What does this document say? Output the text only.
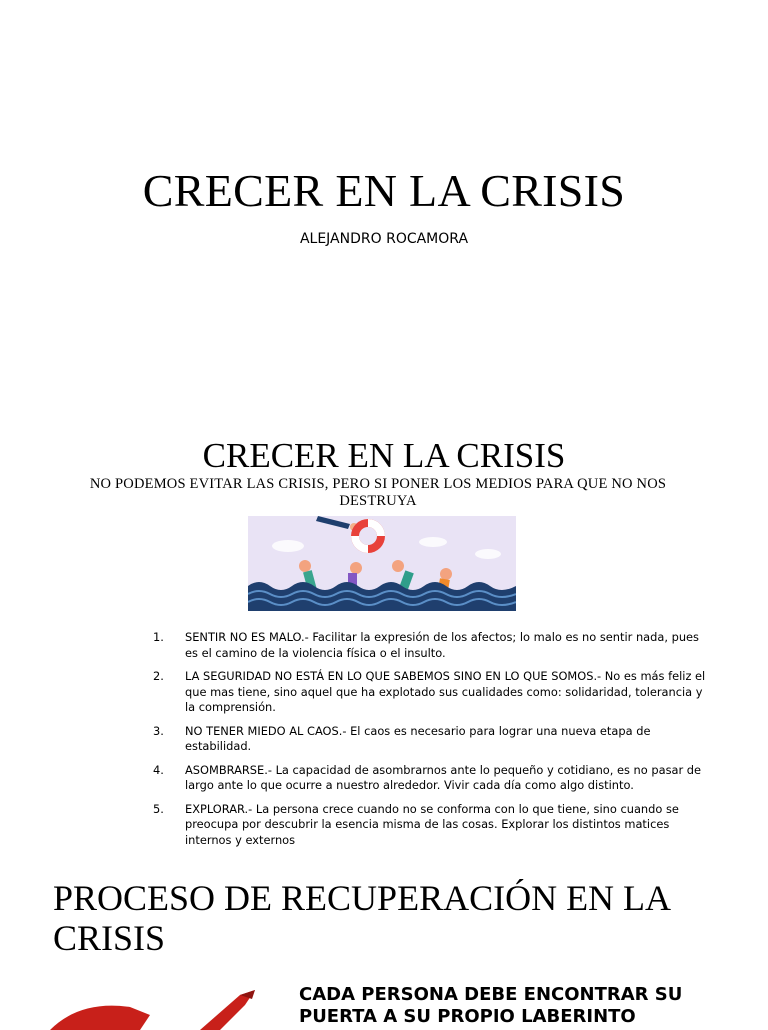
CRECER EN LA CRISIS
ALEJANDRO ROCAMORA
CRECER EN LA CRISIS
NO PODEMOS EVITAR LAS CRISIS, PERO SI PONER LOS MEDIOS PARA QUE NO NOS DESTRUYA
1. SENTIR NO ES MALO.- Facilitar la expresión de los afectos; lo malo es no sentir nada, pues es el camino de la violencia física o el insulto.
2. LA SEGURIDAD NO ESTÁ EN LO QUE SABEMOS SINO EN LO QUE SOMOS.- No es más feliz el que mas tiene, sino aquel que ha explotado sus cualidades como: solidaridad, tolerancia y la comprensión.
3. NO TENER MIEDO AL CAOS.- El caos es necesario para lograr una nueva etapa de estabilidad.
4. ASOMBRARSE.- La capacidad de asombrarnos ante lo pequeño y cotidiano, es no pasar de largo ante lo que ocurre a nuestro alrededor. Vivir cada día como algo distinto.
5. EXPLORAR.- La persona crece cuando no se conforma con lo que tiene, sino cuando se preocupa por descubrir la esencia misma de las cosas. Explorar los distintos matices internos y externos
PROCESO DE RECUPERACIÓN EN LA CRISIS
CADA PERSONA DEBE ENCONTRAR SU PUERTA A SU PROPIO LABERINTO
